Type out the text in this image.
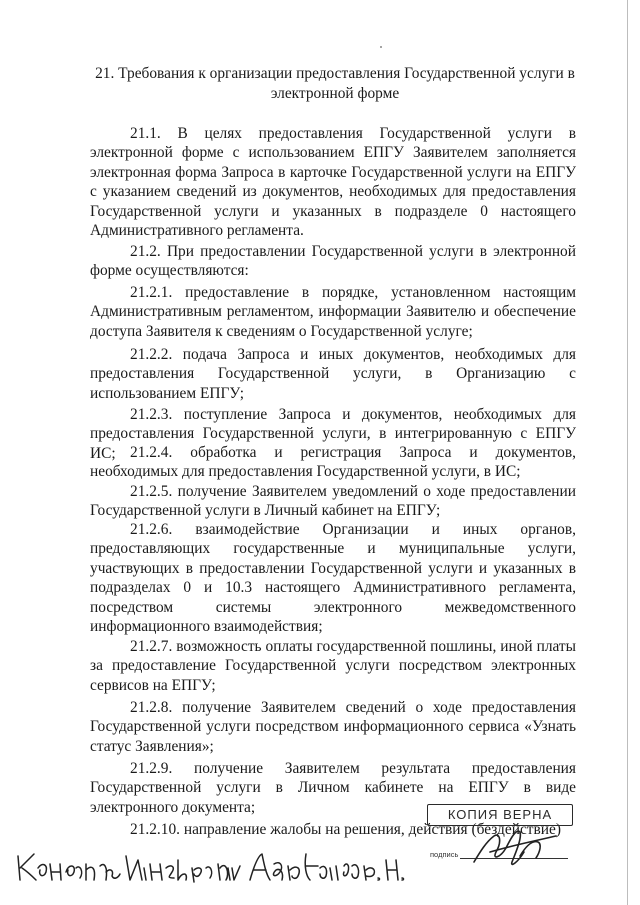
21. Требования к организации предоставления Государственной услуги в электронной форме

21.1. В целях предоставления Государственной услуги в электронной форме с использованием ЕПГУ Заявителем заполняется электронная форма Запроса в карточке Государственной услуги на ЕПГУ с указанием сведений из документов, необходимых для предоставления Государственной услуги и указанных в подразделе 0 настоящего Административного регламента.

21.2. При предоставлении Государственной услуги в электронной форме осуществляются:

21.2.1. предоставление в порядке, установленном настоящим Административным регламентом, информации Заявителю и обеспечение доступа Заявителя к сведениям о Государственной услуге;

21.2.2. подача Запроса и иных документов, необходимых для предоставления Государственной услуги, в Организацию с использованием ЕПГУ;

21.2.3. поступление Запроса и документов, необходимых для предоставления Государственной услуги, в интегрированную с ЕПГУ ИС; 21.2.4. обработка и регистрация Запроса и документов, необходимых для предоставления Государственной услуги, в ИС;

21.2.5. получение Заявителем уведомлений о ходе предоставлении Государственной услуги в Личный кабинет на ЕПГУ;

21.2.6. взаимодействие Организации и иных органов, предоставляющих государственные и муниципальные услуги, участвующих в предоставлении Государственной услуги и указанных в подразделах 0 и 10.3 настоящего Административного регламента, посредством системы электронного межведомственного информационного взаимодействия;

21.2.7. возможность оплаты государственной пошлины, иной платы за предоставление Государственной услуги посредством электронных сервисов на ЕПГУ;

21.2.8. получение Заявителем сведений о ходе предоставления Государственной услуги посредством информационного сервиса «Узнать статус Заявления»;

21.2.9. получение Заявителем результата предоставления Государственной услуги в Личном кабинете на ЕПГУ в виде электронного документа;

21.2.10. направление жалобы на решения, действия (бездействие)

КОПИЯ ВЕРНА
подпись
